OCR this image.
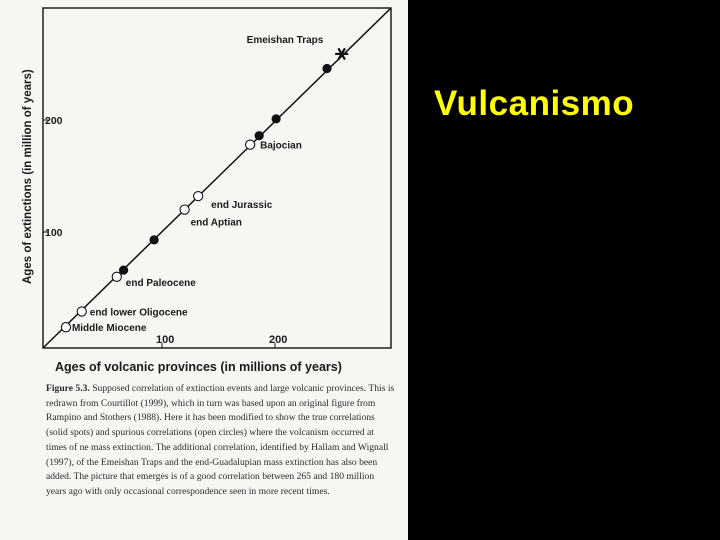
Vulcanismo
100	200
100
200
Emeishan Traps
Bajocian
end Jurassic
end Aptian
end Paleocene
end lower Oligocene
Middle Miocene
Ages of volcanic provinces (in millions of years)
Ages of extinctions (in million of years)
Figure 5.3. Supposed correlation of extinction events and large volcanic provinces. This is redrawn from Courtillot (1999), which in turn was based upon an original figure from Rampino and Stothers (1988). Here it has been modified to show the true correlations (solid spots) and spurious correlations (open circles) where the volcanism occurred at times of ne mass extinction. The additional correlation, identified by Hallam and Wignall (1997), of the Emeishan Traps and the end-Guadalupian mass extinction has also been added. The picture that emerges is of a good correlation between 265 and 180 million years ago with only occasional correspondence seen in more recent times.
